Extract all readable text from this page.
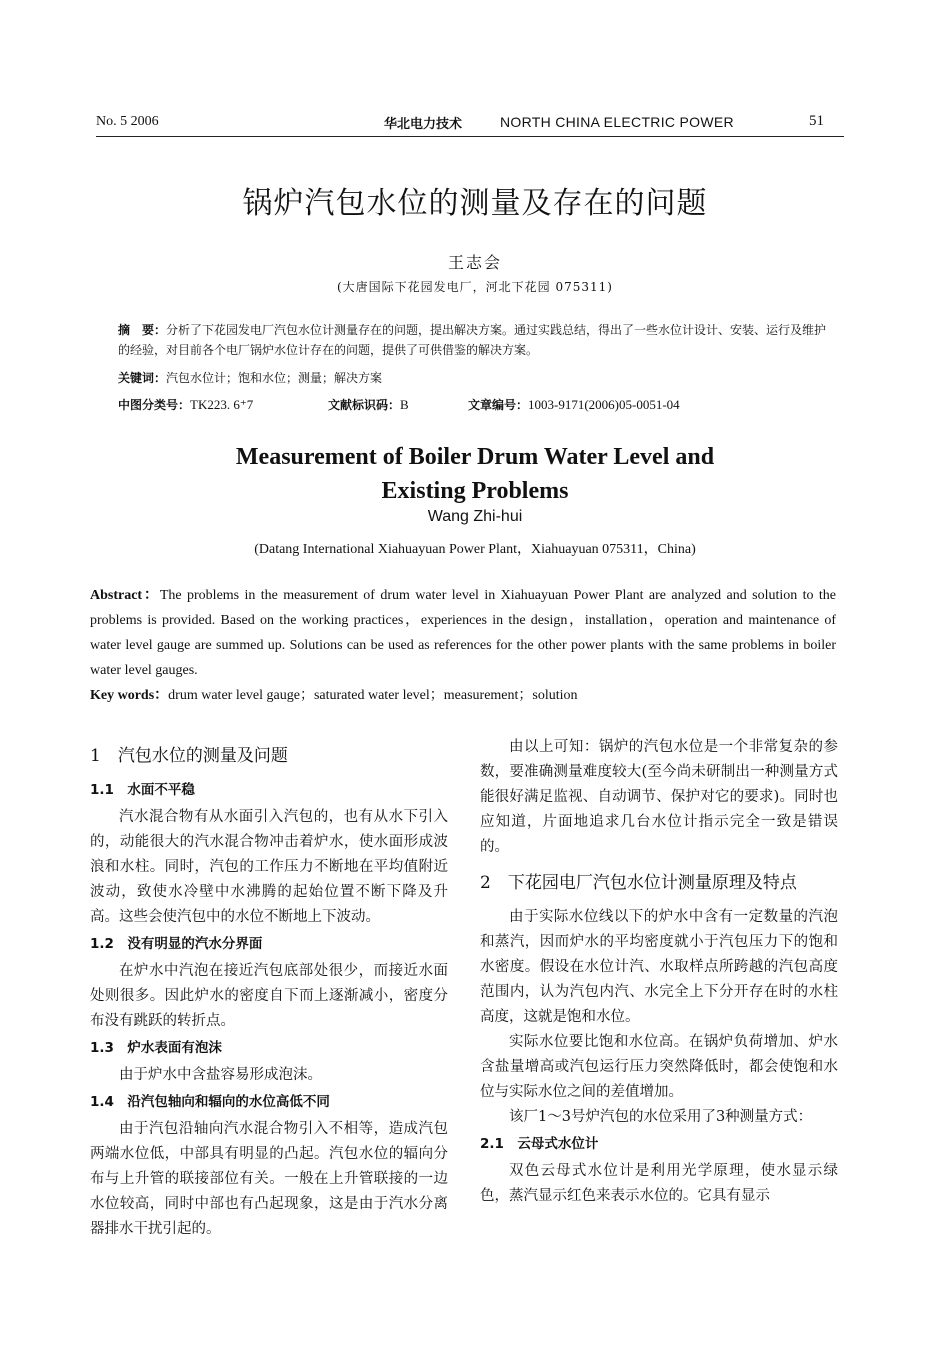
No. 5 2006	华北电力技术	NORTH CHINA ELECTRIC POWER	51
锅炉汽包水位的测量及存在的问题
王志会
(大唐国际下花园发电厂，河北下花园 075311)
摘　要：分析了下花园发电厂汽包水位计测量存在的问题，提出解决方案。通过实践总结，得出了一些水位计设计、安装、运行及维护的经验，对目前各个电厂锅炉水位计存在的问题，提供了可供借鉴的解决方案。
关键词：汽包水位计；饱和水位；测量；解决方案
中图分类号：TK223. 6⁺7	文献标识码：B	文章编号：1003-9171(2006)05-0051-04
Measurement of Boiler Drum Water Level and Existing Problems
Wang Zhi-hui
(Datang International Xiahuayuan Power Plant，Xiahuayuan 075311，China)
Abstract：The problems in the measurement of drum water level in Xiahuayuan Power Plant are analyzed and solution to the problems is provided. Based on the working practices，experiences in the design，installation，operation and maintenance of water level gauge are summed up. Solutions can be used as references for the other power plants with the same problems in boiler water level gauges.
Key words：drum water level gauge；saturated water level；measurement；solution
1　汽包水位的测量及问题
1.1　水面不平稳

汽水混合物有从水面引入汽包的，也有从水下引入的，动能很大的汽水混合物冲击着炉水，使水面形成波浪和水柱。同时，汽包的工作压力不断地在平均值附近波动，致使水冷壁中水沸腾的起始位置不断下降及升高。这些会使汽包中的水位不断地上下波动。

1.2　没有明显的汽水分界面

在炉水中汽泡在接近汽包底部处很少，而接近水面处则很多。因此炉水的密度自下而上逐渐减小，密度分布没有跳跃的转折点。

1.3　炉水表面有泡沫

由于炉水中含盐容易形成泡沫。

1.4　沿汽包轴向和辐向的水位高低不同

由于汽包沿轴向汽水混合物引入不相等，造成汽包两端水位低，中部具有明显的凸起。汽包水位的辐向分布与上升管的联接部位有关。一般在上升管联接的一边水位较高，同时中部也有凸起现象，这是由于汽水分离器排水干扰引起的。

由以上可知：锅炉的汽包水位是一个非常复杂的参数，要准确测量难度较大(至今尚未研制出一种测量方式能很好满足监视、自动调节、保护对它的要求)。同时也应知道，片面地追求几台水位计指示完全一致是错误的。

2　下花园电厂汽包水位计测量原理及特点

由于实际水位线以下的炉水中含有一定数量的汽泡和蒸汽，因而炉水的平均密度就小于汽包压力下的饱和水密度。假设在水位计汽、水取样点所跨越的汽包高度范围内，认为汽包内汽、水完全上下分开存在时的水柱高度，这就是饱和水位。

实际水位要比饱和水位高。在锅炉负荷增加、炉水含盐量增高或汽包运行压力突然降低时，都会使饱和水位与实际水位之间的差值增加。

该厂1～3号炉汽包的水位采用了3种测量方式：

2.1　云母式水位计

双色云母式水位计是利用光学原理，使水显示绿色，蒸汽显示红色来表示水位的。它具有显示
